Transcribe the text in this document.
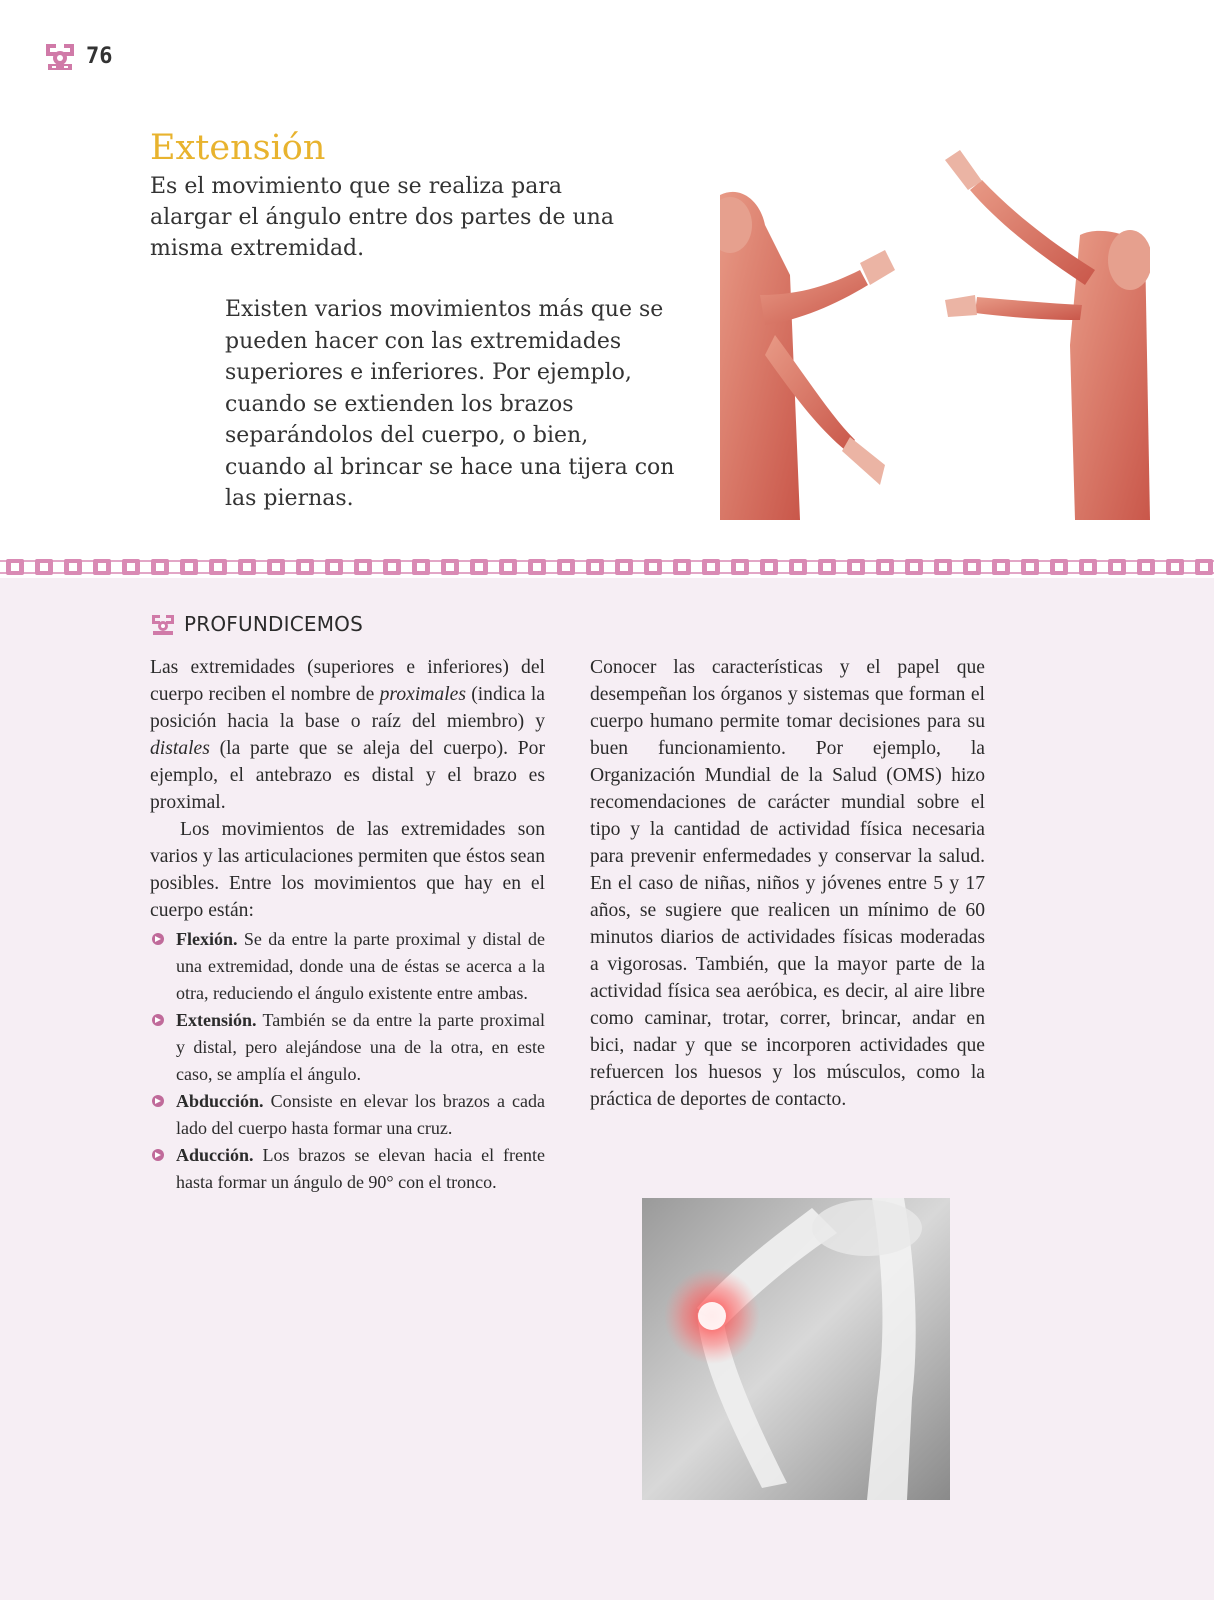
76
Extensión

Es el movimiento que se realiza para alargar el ángulo entre dos partes de una misma extremidad.

Existen varios movimientos más que se pueden hacer con las extremidades superiores e inferiores. Por ejemplo, cuando se extienden los brazos separándolos del cuerpo, o bien, cuando al brincar se hace una tijera con las piernas.

PROFUNDICEMOS

Las extremidades (superiores e inferiores) del cuerpo reciben el nombre de proximales (indica la posición hacia la base o raíz del miembro) y distales (la parte que se aleja del cuerpo). Por ejemplo, el antebrazo es distal y el brazo es proximal.

Los movimientos de las extremidades son varios y las articulaciones permiten que éstos sean posibles. Entre los movimientos que hay en el cuerpo están:

Flexión. Se da entre la parte proximal y distal de una extremidad, donde una de éstas se acerca a la otra, reduciendo el ángulo existente entre ambas.
Extensión. También se da entre la parte proximal y distal, pero alejándose una de la otra, en este caso, se amplía el ángulo.
Abducción. Consiste en elevar los brazos a cada lado del cuerpo hasta formar una cruz.
Aducción. Los brazos se elevan hacia el frente hasta formar un ángulo de 90° con el tronco.

Conocer las características y el papel que desempeñan los órganos y sistemas que forman el cuerpo humano permite tomar decisiones para su buen funcionamiento. Por ejemplo, la Organización Mundial de la Salud (OMS) hizo recomendaciones de carácter mundial sobre el tipo y la cantidad de actividad física necesaria para prevenir enfermedades y conservar la salud. En el caso de niñas, niños y jóvenes entre 5 y 17 años, se sugiere que realicen un mínimo de 60 minutos diarios de actividades físicas moderadas a vigorosas. También, que la mayor parte de la actividad física sea aeróbica, es decir, al aire libre como caminar, trotar, correr, brincar, andar en bici, nadar y que se incorporen actividades que refuercen los huesos y los músculos, como la práctica de deportes de contacto.
